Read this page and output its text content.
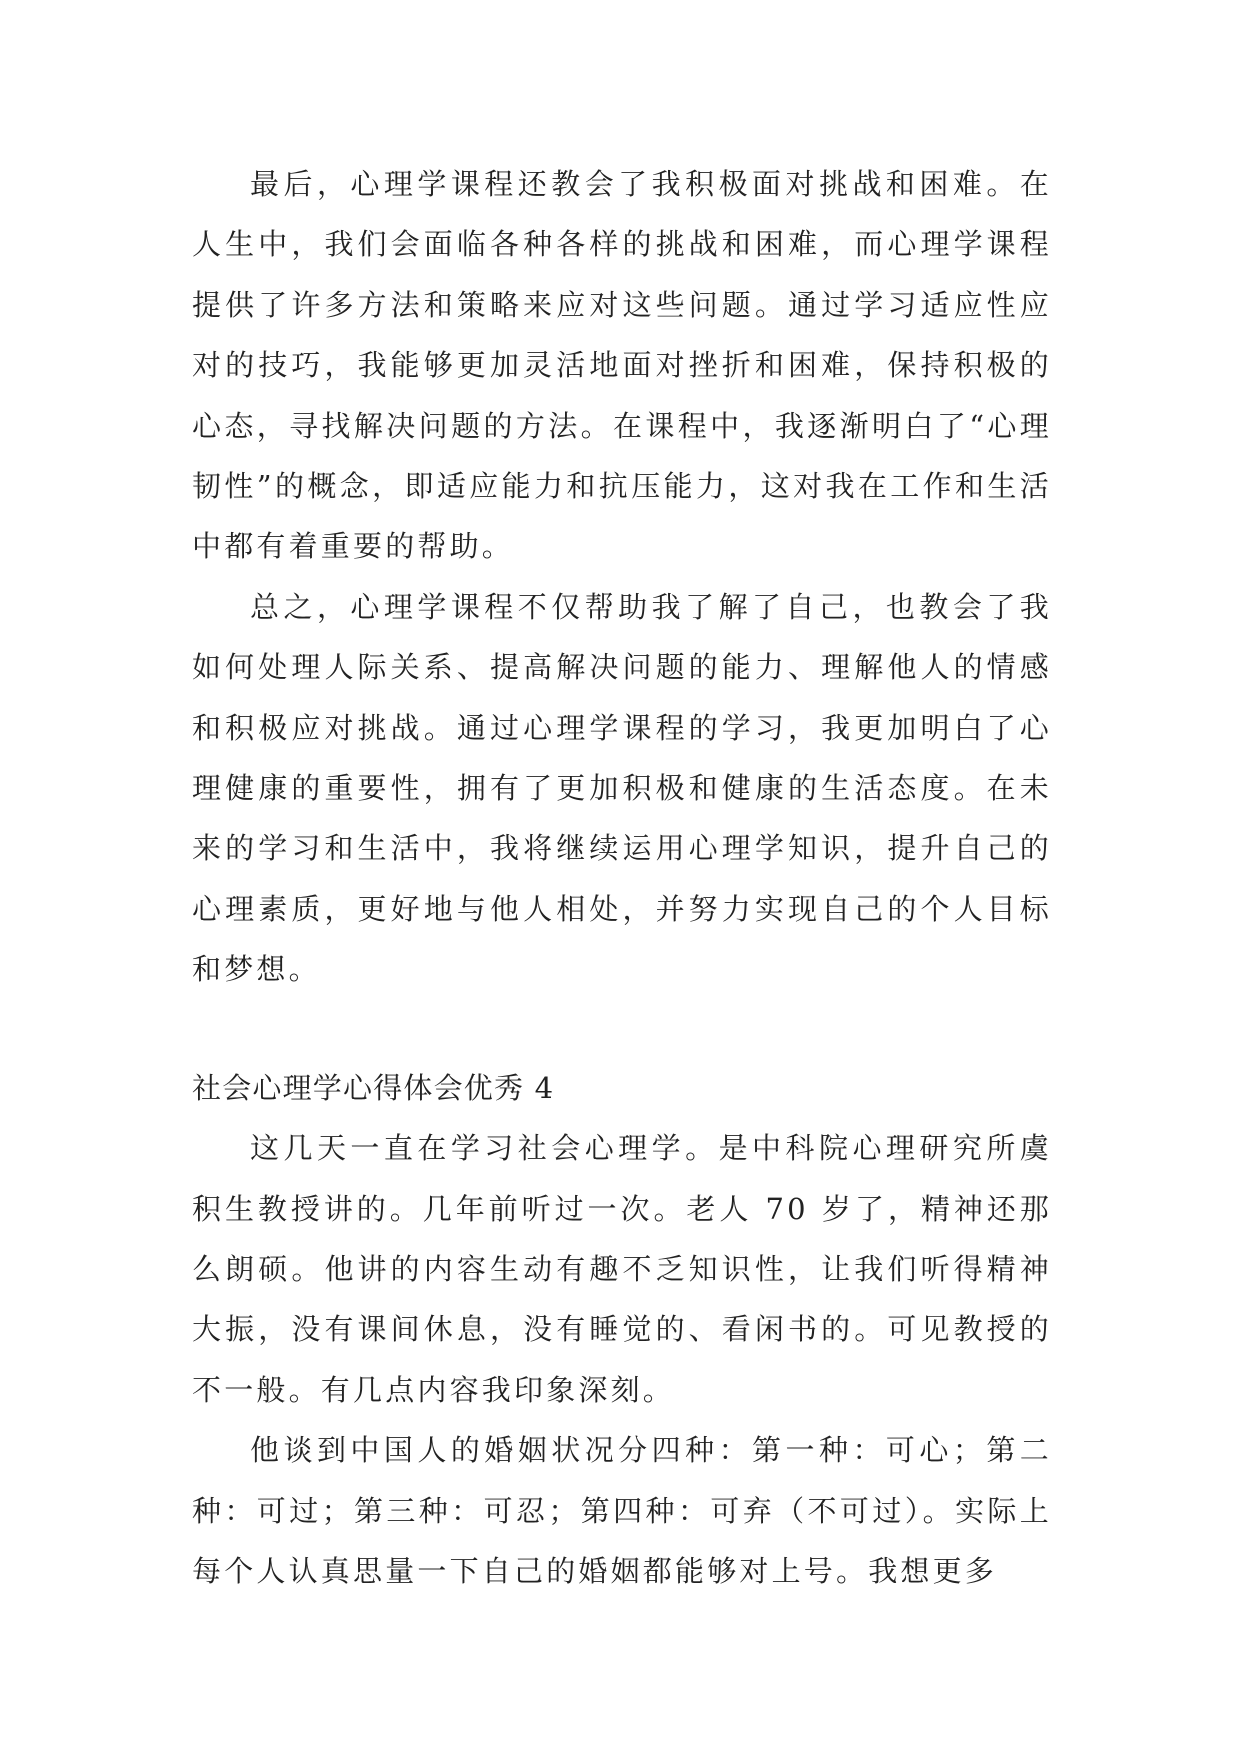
最后，心理学课程还教会了我积极面对挑战和困难。在人生中，我们会面临各种各样的挑战和困难，而心理学课程提供了许多方法和策略来应对这些问题。通过学习适应性应对的技巧，我能够更加灵活地面对挫折和困难，保持积极的心态，寻找解决问题的方法。在课程中，我逐渐明白了“心理韧性”的概念，即适应能力和抗压能力，这对我在工作和生活中都有着重要的帮助。

总之，心理学课程不仅帮助我了解了自己，也教会了我如何处理人际关系、提高解决问题的能力、理解他人的情感和积极应对挑战。通过心理学课程的学习，我更加明白了心理健康的重要性，拥有了更加积极和健康的生活态度。在未来的学习和生活中，我将继续运用心理学知识，提升自己的心理素质，更好地与他人相处，并努力实现自己的个人目标和梦想。

社会心理学心得体会优秀 4

这几天一直在学习社会心理学。是中科院心理研究所虞积生教授讲的。几年前听过一次。老人 70 岁了，精神还那么朗硕。他讲的内容生动有趣不乏知识性，让我们听得精神大振，没有课间休息，没有睡觉的、看闲书的。可见教授的不一般。有几点内容我印象深刻。

他谈到中国人的婚姻状况分四种：第一种：可心；第二种：可过；第三种：可忍；第四种：可弃（不可过）。实际上每个人认真思量一下自己的婚姻都能够对上号。我想更多
